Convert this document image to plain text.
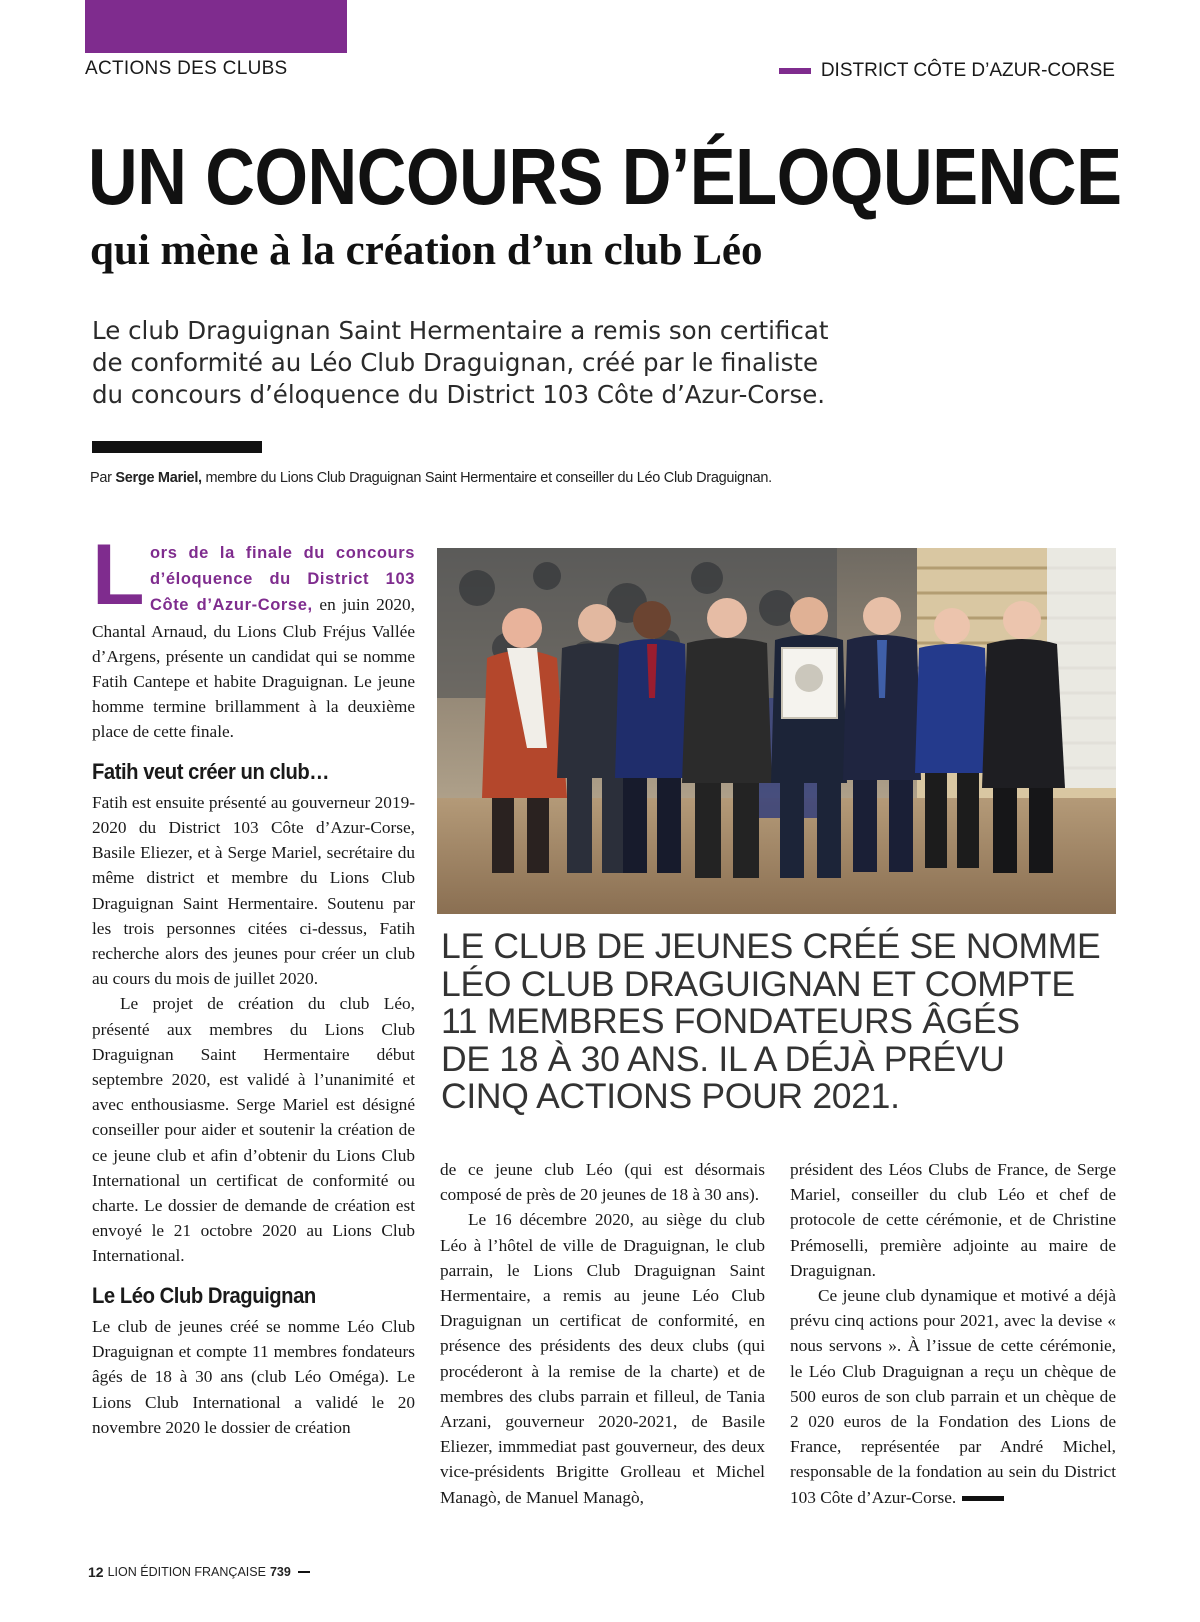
ACTIONS DES CLUBS	DISTRICT CÔTE D’AZUR-CORSE
UN CONCOURS D’ÉLOQUENCE
qui mène à la création d’un club Léo
Le club Draguignan Saint Hermentaire a remis son certificat de conformité au Léo Club Draguignan, créé par le finaliste du concours d’éloquence du District 103 Côte d’Azur-Corse.
Par Serge Mariel, membre du Lions Club Draguignan Saint Hermentaire et conseiller du Léo Club Draguignan.

Lors de la finale du concours d’éloquence du District 103 Côte d’Azur-Corse, en juin 2020, Chantal Arnaud, du Lions Club Fréjus Vallée d’Argens, présente un candidat qui se nomme Fatih Cantepe et habite Draguignan. Le jeune homme termine brillamment à la deuxième place de cette finale.

Fatih veut créer un club…

Fatih est ensuite présenté au gouverneur 2019-2020 du District 103 Côte d’Azur-Corse, Basile Eliezer, et à Serge Mariel, secrétaire du même district et membre du Lions Club Draguignan Saint Hermentaire. Soutenu par les trois personnes citées ci-dessus, Fatih recherche alors des jeunes pour créer un club au cours du mois de juillet 2020.

Le projet de création du club Léo, présenté aux membres du Lions Club Draguignan Saint Hermentaire début septembre 2020, est validé à l’unanimité et avec enthousiasme. Serge Mariel est désigné conseiller pour aider et soutenir la création de ce jeune club et afin d’obtenir du Lions Club International un certificat de conformité ou charte. Le dossier de demande de création est envoyé le 21 octobre 2020 au Lions Club International.

Le Léo Club Draguignan

Le club de jeunes créé se nomme Léo Club Draguignan et compte 11 membres fondateurs âgés de 18 à 30 ans (club Léo Oméga). Le Lions Club International a validé le 20 novembre 2020 le dossier de création

LE CLUB DE JEUNES CRÉÉ SE NOMME
LÉO CLUB DRAGUIGNAN ET COMPTE
11 MEMBRES FONDATEURS ÂGÉS
DE 18 À 30 ANS. IL A DÉJÀ PRÉVU
CINQ ACTIONS POUR 2021.

de ce jeune club Léo (qui est désormais composé de près de 20 jeunes de 18 à 30 ans).

Le 16 décembre 2020, au siège du club Léo à l’hôtel de ville de Draguignan, le club parrain, le Lions Club Draguignan Saint Hermentaire, a remis au jeune Léo Club Draguignan un certificat de conformité, en présence des présidents des deux clubs (qui procéderont à la remise de la charte) et de membres des clubs parrain et filleul, de Tania Arzani, gouverneur 2020-2021, de Basile Eliezer, immmediat past gouverneur, des deux vice-présidents Brigitte Grolleau et Michel Managò, de Manuel Managò,

président des Léos Clubs de France, de Serge Mariel, conseiller du club Léo et chef de protocole de cette cérémonie, et de Christine Prémoselli, première adjointe au maire de Draguignan.

Ce jeune club dynamique et motivé a déjà prévu cinq actions pour 2021, avec la devise « nous servons ». À l’issue de cette cérémonie, le Léo Club Draguignan a reçu un chèque de 500 euros de son club parrain et un chèque de 2 020 euros de la Fondation des Lions de France, représentée par André Michel, responsable de la fondation au sein du District 103 Côte d’Azur-Corse.

12 LION ÉDITION FRANÇAISE 739
